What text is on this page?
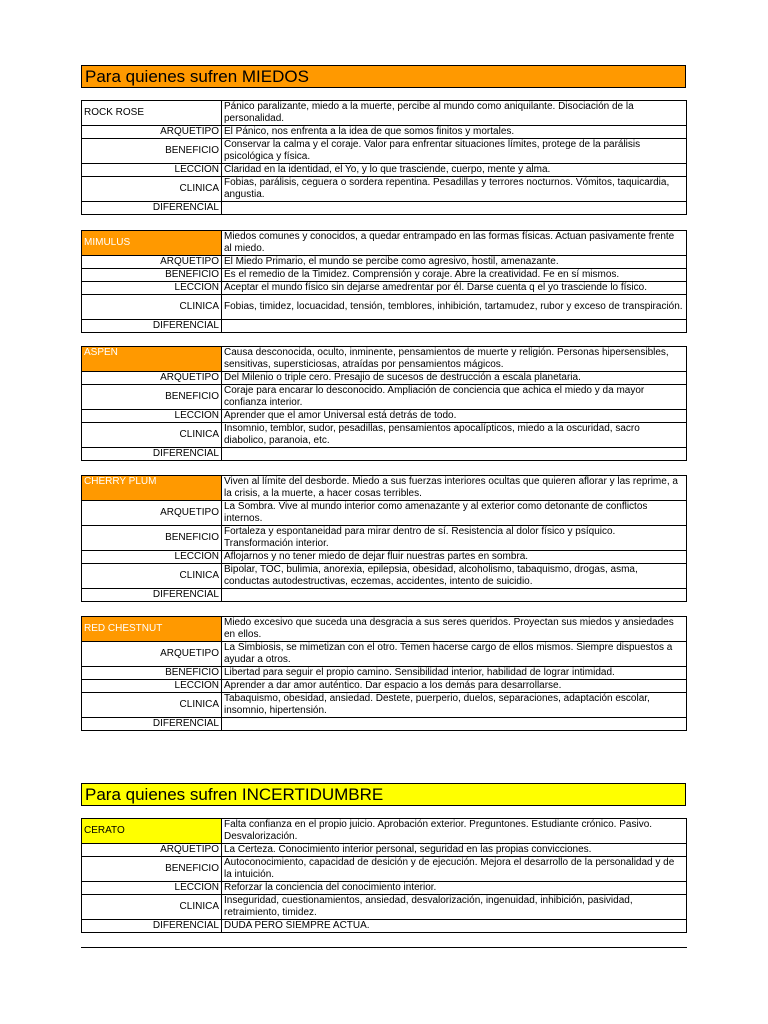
Para quienes sufren MIEDOS
ROCK ROSE	Pánico paralizante, miedo a la muerte, percibe al mundo como aniquilante. Disociación de la personalidad.
ARQUETIPO	El Pánico, nos enfrenta a la idea de que somos finitos y mortales.
BENEFICIO	Conservar la calma y el coraje. Valor para enfrentar situaciones límites, protege de la parálisis psicológica y física.
LECCION	Claridad en la identidad, el Yo, y lo que trasciende, cuerpo, mente y alma.
CLINICA	Fobias, parálisis, ceguera o sordera repentina. Pesadillas y terrores nocturnos. Vómitos, taquicardia, angustia.
DIFERENCIAL	
MIMULUS	Miedos comunes y conocidos, a quedar entrampado en las formas físicas. Actuan pasivamente frente al miedo.
ARQUETIPO	El Miedo Primario, el mundo se percibe como agresivo, hostil, amenazante.
BENEFICIO	Es el remedio de la Timidez. Comprensión y coraje. Abre la creatividad. Fe en sí mismos.
LECCION	Aceptar el mundo físico sin dejarse amedrentar por él. Darse cuenta q el yo trasciende lo físico.
CLINICA	Fobias, timidez, locuacidad, tensión, temblores, inhibición, tartamudez, rubor y exceso de transpiración.
DIFERENCIAL	
ASPEN	Causa desconocida, oculto, inminente, pensamientos de muerte y religión. Personas hipersensibles, sensitivas, supersticiosas, atraídas por pensamientos mágicos.
ARQUETIPO	Del Milenio o triple cero. Presajio de sucesos de destrucción a escala planetaria.
BENEFICIO	Coraje para encarar lo desconocido. Ampliación de conciencia que achica el miedo y da mayor confianza interior.
LECCION	Aprender que el amor Universal está detrás de todo.
CLINICA	Insomnio, temblor, sudor, pesadillas, pensamientos apocalípticos, miedo a la oscuridad, sacro diabolico, paranoia, etc.
DIFERENCIAL	
CHERRY PLUM	Viven al límite del desborde. Miedo a sus fuerzas interiores ocultas que quieren aflorar y las reprime, a la crisis, a la muerte, a hacer cosas terribles.
ARQUETIPO	La Sombra. Vive al mundo interior como amenazante y al exterior como detonante de conflictos internos.
BENEFICIO	Fortaleza y espontaneidad para mirar dentro de sí. Resistencia al dolor físico y psíquico. Transformación interior.
LECCION	Aflojarnos y no tener miedo de dejar fluir nuestras partes en sombra.
CLINICA	Bipolar, TOC, bulimia, anorexia, epilepsia, obesidad, alcoholismo, tabaquismo, drogas, asma, conductas autodestructivas, eczemas, accidentes, intento de suicidio.
DIFERENCIAL	
RED CHESTNUT	Miedo excesivo que suceda una desgracia a sus seres queridos. Proyectan sus miedos y ansiedades en ellos.
ARQUETIPO	La Simbiosis, se mimetizan con el otro. Temen hacerse cargo de ellos mismos. Siempre dispuestos a ayudar a otros.
BENEFICIO	Libertad para seguir el propio camino. Sensibilidad interior, habilidad de lograr intimidad.
LECCION	Aprender a dar amor auténtico. Dar espacio a los demás para desarrollarse.
CLINICA	Tabaquismo, obesidad, ansiedad. Destete, puerperio, duelos, separaciones, adaptación escolar, insomnio, hipertensión.
DIFERENCIAL	
Para quienes sufren INCERTIDUMBRE
CERATO	Falta confianza en el propio juicio. Aprobación exterior. Preguntones. Estudiante crónico. Pasivo. Desvalorización.
ARQUETIPO	La Certeza. Conocimiento interior personal, seguridad en las propias convicciones.
BENEFICIO	Autoconocimiento, capacidad de desición y de ejecución. Mejora el desarrollo de la personalidad y de la intuición.
LECCION	Reforzar la conciencia del conocimiento interior.
CLINICA	Inseguridad, cuestionamientos, ansiedad, desvalorización, ingenuidad, inhibición, pasividad, retraimiento, timidez.
DIFERENCIAL	DUDA PERO SIEMPRE ACTUA.
